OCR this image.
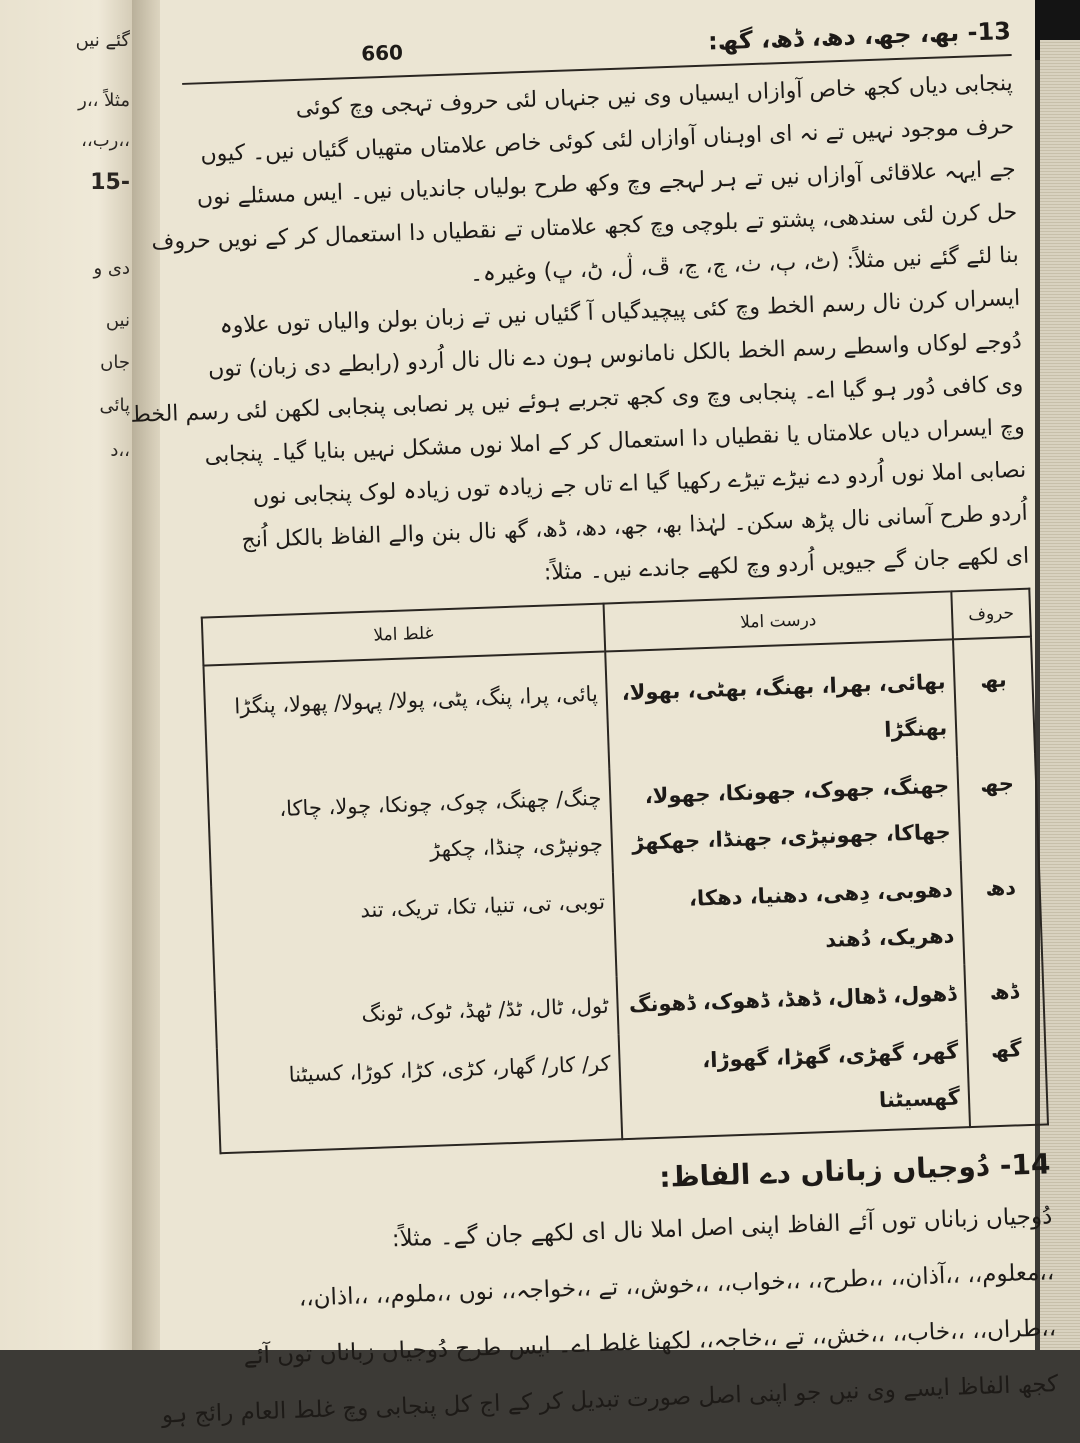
گئے نیں
مثلاً ،،ر
،،رب،،
-15
دی و
نیں
جاں
پائی
،،د
13- بھ، جھ، دھ، ڈھ، گھ:
660
پنجابی دیاں کجھ خاص آوازاں ایسیاں وی نیں جنہاں لئی حروف تہجی وچ کوئی
حرف موجود نہیں تے نہ ای اوہناں آوازاں لئی کوئی خاص علامتاں متھیاں گئیاں نیں۔ کیوں
جے ایہہ علاقائی آوازاں نیں تے ہر لہجے وچ وکھ طرح بولیاں جاندیاں نیں۔ ایس مسئلے نوں
حل کرن لئی سندھی، پشتو تے بلوچی وچ کجھ علامتاں تے نقطیاں دا استعمال کر کے نویں حروف
بنا لئے گئے نیں مثلاً: (ٹ، ٻ، ٺ، ڄ، ڃ، ڦ، ڷ، ڻ، ڀ) وغیرہ۔
ایسراں کرن نال رسم الخط وچ کئی پیچیدگیاں آ گئیاں نیں تے زبان بولن والیاں توں علاوہ
دُوجے لوکاں واسطے رسم الخط بالکل نامانوس ہون دے نال نال اُردو (رابطے دی زبان) توں
وی کافی دُور ہو گیا اے۔ پنجابی وچ وی کجھ تجربے ہوئے نیں پر نصابی پنجابی لکھن لئی رسم الخط
وچ ایسراں دیاں علامتاں یا نقطیاں دا استعمال کر کے املا نوں مشکل نہیں بنایا گیا۔ پنجابی
نصابی املا نوں اُردو دے نیڑے تیڑے رکھیا گیا اے تاں جے زیادہ توں زیادہ لوک پنجابی نوں
اُردو طرح آسانی نال پڑھ سکن۔ لہٰذا بھ، جھ، دھ، ڈھ، گھ نال بنن والے الفاظ بالکل اُنج
ای لکھے جان گے جیویں اُردو وچ لکھے جاندے نیں۔ مثلاً:
حروف	درست املا	غلط املا
بھ	بھائی، بھرا، بھنگ، بھٹی، بھولا، بھنگڑا	پائی، پرا، پنگ، پٹی، پولا/ پہولا/ پھولا، پنگڑا
جھ	جھنگ، جھوک، جھونکا، جھولا، جھاکا، جھونپڑی، جھنڈا، جھکھڑ	چنگ/ چھنگ، چوک، چونکا، چولا، چاکا، چونپڑی، چنڈا، چکھڑ
دھ	دھوبی، دِھی، دھنیا، دھکا، دھریک، دُھند	توبی، تی، تنیا، تکا، تریک، تند
ڈھ	ڈھول، ڈھال، ڈھڈ، ڈھوک، ڈھونگ	ٹول، ٹال، ٹڈ/ ٹھڈ، ٹوک، ٹونگ
گھ	گھر، گھڑی، گھڑا، گھوڑا، گھسیٹنا	کر/ کار/ گھار، کڑی، کڑا، کوڑا، کسیٹنا
14- دُوجیاں زباناں دے الفاظ:
دُوجیاں زباناں توں آئے الفاظ اپنی اصل املا نال ای لکھے جان گے۔ مثلاً:
،،معلوم،، ،،آذان،، ،،طرح،، ،،خواب،، ،،خوش،، تے ،،خواجہ،، نوں ،،ملوم،، ،،اذان،،
،،طراں،، ،،خاب،، ،،خش،، تے ،،خاجہ،، لکھنا غلط اے۔ ایس طرح دُوجیاں زباناں توں آئے
کجھ الفاظ ایسے وی نیں جو اپنی اصل صورت تبدیل کر کے اج کل پنجابی وچ غلط العام رائج ہو
